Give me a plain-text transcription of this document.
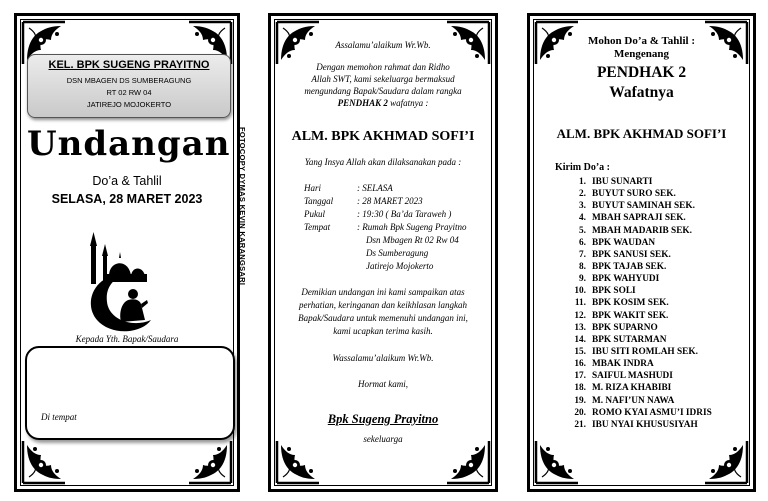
KEL. BPK SUGENG PRAYITNO
DSN MBAGEN DS SUMBERAGUNG
RT 02 RW 04
JATIREJO MOJOKERTO
Undangan
Do’a & Tahlil
SELASA, 28 MARET 2023
Kepada Yth. Bapak/Saudara
Di tempat
FOTOCOPY DYMAS KEVIN KARANGSARI
Assalamu’alaikum Wr.Wb.
Dengan memohon rahmat dan Ridho
Allah SWT, kami sekeluarga bermaksud
mengundang Bapak/Saudara dalam rangka
PENDHAK 2 wafatnya :
ALM. BPK AKHMAD SOFI’I
Yang Insya Allah akan dilaksanakan pada :
Hari	: SELASA
Tanggal	: 28 MARET 2023
Pukul	: 19:30 ( Ba’da Taraweh )
Tempat	: Rumah Bpk Sugeng Prayitno
Dsn Mbagen Rt 02 Rw 04
Ds Sumberagung
Jatirejo Mojokerto
Demikian undangan ini kami sampaikan atas
perhatian, keringanan dan keikhlasan langkah
Bapak/Saudara untuk memenuhi undangan ini,
kami ucapkan terima kasih.
Wassalamu’alaikum Wr.Wb.
Hormat kami,
Bpk Sugeng Prayitno
sekeluarga
Mohon Do’a & Tahlil :
Mengenang
PENDHAK 2
Wafatnya
ALM. BPK AKHMAD SOFI’I
Kirim Do’a :
1. IBU SUNARTI
2. BUYUT SURO SEK.
3. BUYUT SAMINAH SEK.
4. MBAH SAPRAJI SEK.
5. MBAH MADARIB SEK.
6. BPK WAUDAN
7. BPK SANUSI SEK.
8. BPK TAJAB SEK.
9. BPK WAHYUDI
10. BPK SOLI
11. BPK KOSIM SEK.
12. BPK WAKIT SEK.
13. BPK SUPARNO
14. BPK SUTARMAN
15. IBU SITI ROMLAH SEK.
16. MBAK INDRA
17. SAIFUL MASHUDI
18. M. RIZA KHABIBI
19. M. NAFI’UN NAWA
20. ROMO KYAI ASMU’I IDRIS
21. IBU NYAI KHUSUSIYAH
